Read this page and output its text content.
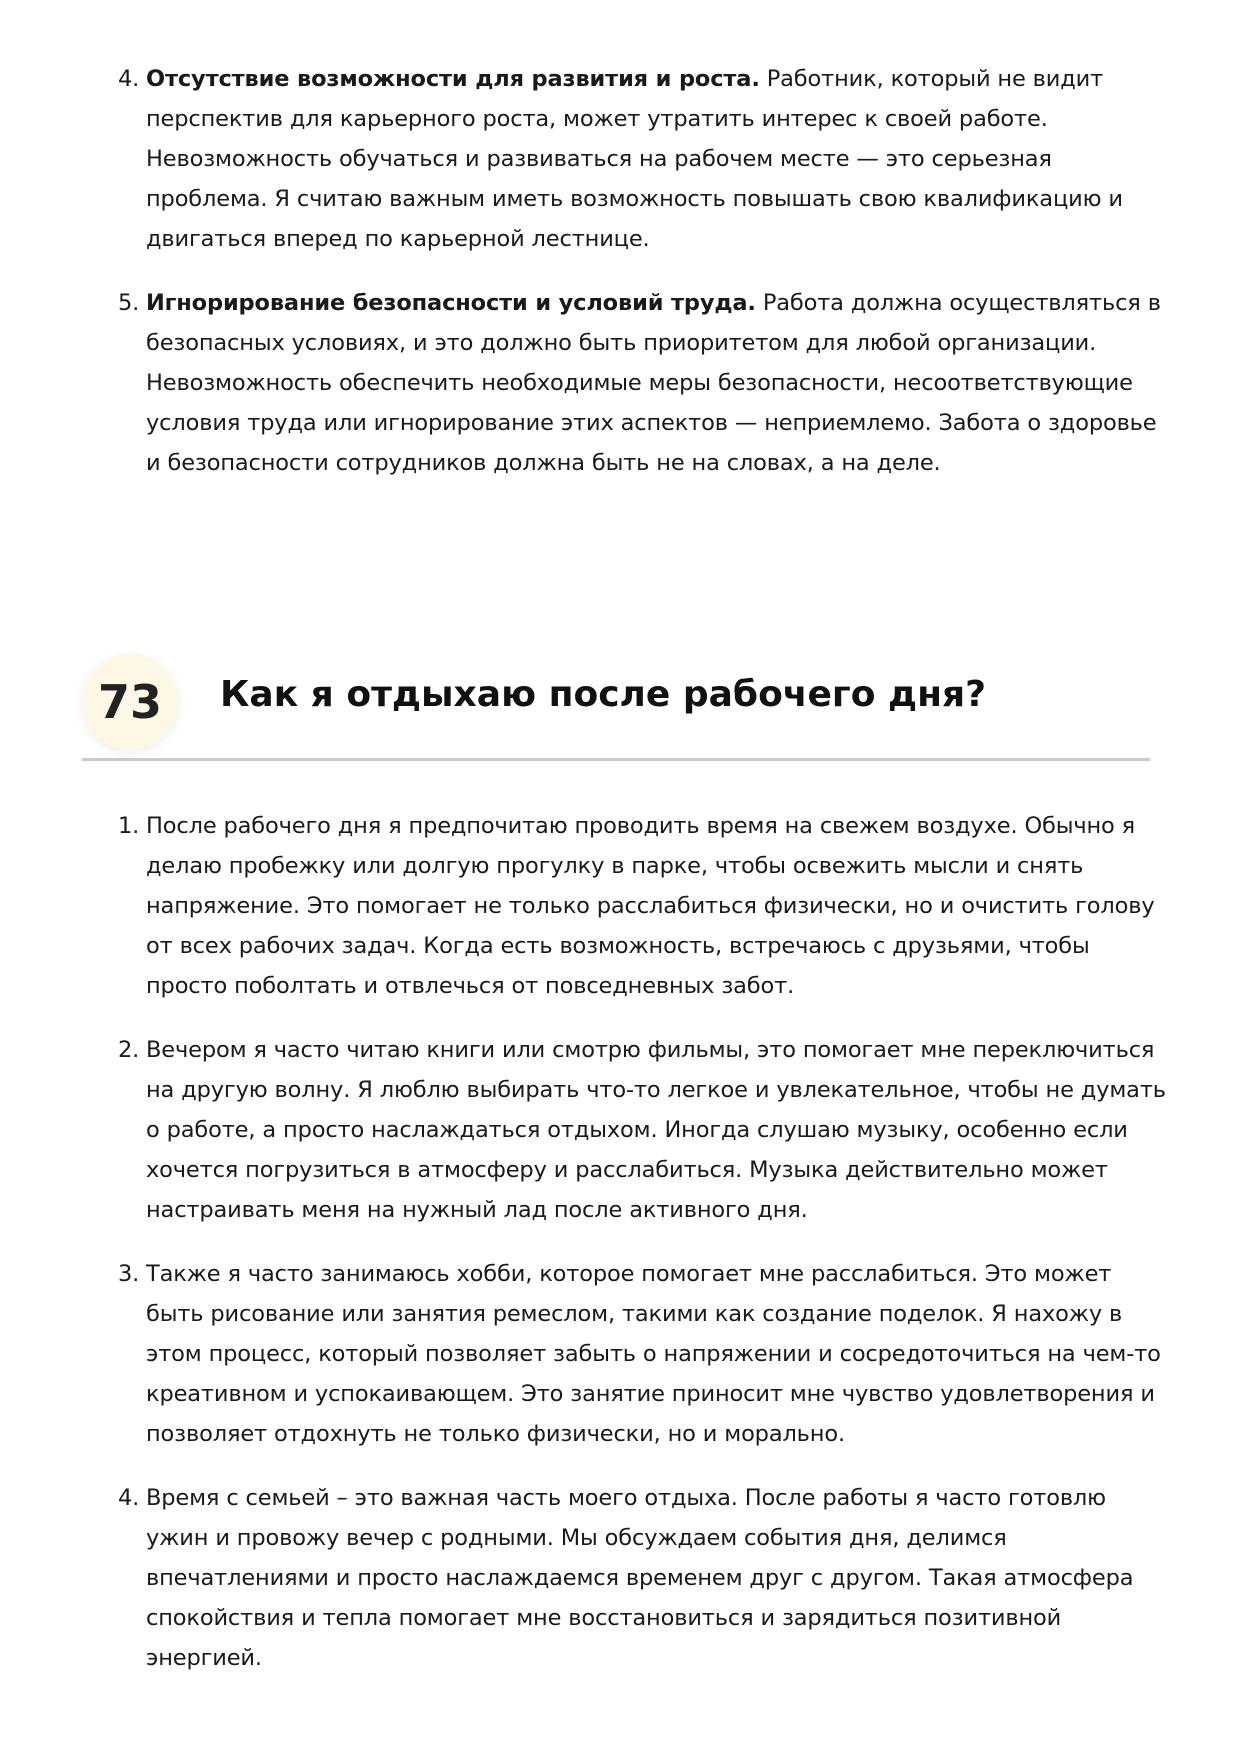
4. Отсутствие возможности для развития и роста. Работник, который не видит перспектив для карьерного роста, может утратить интерес к своей работе. Невозможность обучаться и развиваться на рабочем месте — это серьезная проблема. Я считаю важным иметь возможность повышать свою квалификацию и двигаться вперед по карьерной лестнице.
5. Игнорирование безопасности и условий труда. Работа должна осуществляться в безопасных условиях, и это должно быть приоритетом для любой организации. Невозможность обеспечить необходимые меры безопасности, несоответствующие условия труда или игнорирование этих аспектов — неприемлемо. Забота о здоровье и безопасности сотрудников должна быть не на словах, а на деле.
73	Как я отдыхаю после рабочего дня?
1. После рабочего дня я предпочитаю проводить время на свежем воздухе. Обычно я делаю пробежку или долгую прогулку в парке, чтобы освежить мысли и снять напряжение. Это помогает не только расслабиться физически, но и очистить голову от всех рабочих задач. Когда есть возможность, встречаюсь с друзьями, чтобы просто поболтать и отвлечься от повседневных забот.
2. Вечером я часто читаю книги или смотрю фильмы, это помогает мне переключиться на другую волну. Я люблю выбирать что-то легкое и увлекательное, чтобы не думать о работе, а просто наслаждаться отдыхом. Иногда слушаю музыку, особенно если хочется погрузиться в атмосферу и расслабиться. Музыка действительно может настраивать меня на нужный лад после активного дня.
3. Также я часто занимаюсь хобби, которое помогает мне расслабиться. Это может быть рисование или занятия ремеслом, такими как создание поделок. Я нахожу в этом процесс, который позволяет забыть о напряжении и сосредоточиться на чем-то креативном и успокаивающем. Это занятие приносит мне чувство удовлетворения и позволяет отдохнуть не только физически, но и морально.
4. Время с семьей – это важная часть моего отдыха. После работы я часто готовлю ужин и провожу вечер с родными. Мы обсуждаем события дня, делимся впечатлениями и просто наслаждаемся временем друг с другом. Такая атмосфера спокойствия и тепла помогает мне восстановиться и зарядиться позитивной энергией.
